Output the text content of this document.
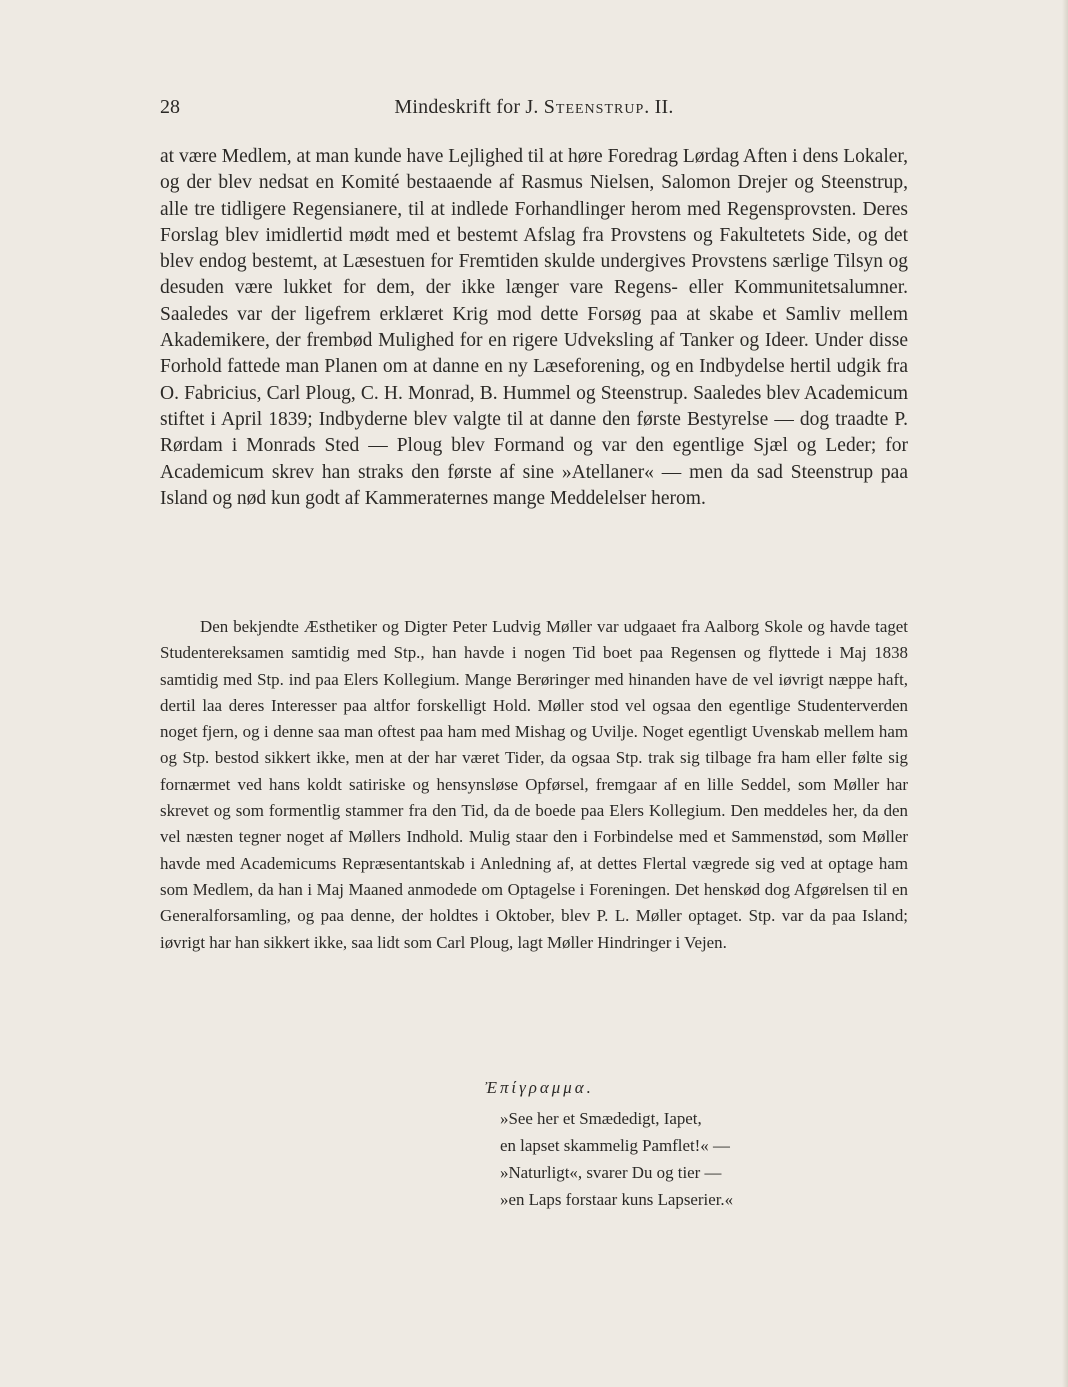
28	Mindeskrift for J. Steenstrup. II.

at være Medlem, at man kunde have Lejlighed til at høre Foredrag Lørdag Aften i dens Lokaler, og der blev nedsat en Komité bestaaende af Rasmus Nielsen, Salomon Drejer og Steenstrup, alle tre tidligere Regensianere, til at indlede Forhandlinger herom med Regensprovsten. Deres Forslag blev imidlertid mødt med et bestemt Afslag fra Provstens og Fakultetets Side, og det blev endog bestemt, at Læsestuen for Fremtiden skulde undergives Provstens særlige Tilsyn og desuden være lukket for dem, der ikke længer vare Regens- eller Kommunitetsalumner. Saaledes var der ligefrem erklæret Krig mod dette Forsøg paa at skabe et Samliv mellem Akademikere, der frembød Mulighed for en rigere Udveksling af Tanker og Ideer. Under disse Forhold fattede man Planen om at danne en ny Læseforening, og en Indbydelse hertil udgik fra O. Fabricius, Carl Ploug, C. H. Monrad, B. Hummel og Steenstrup. Saaledes blev Academicum stiftet i April 1839; Indbyderne blev valgte til at danne den første Bestyrelse — dog traadte P. Rørdam i Monrads Sted — Ploug blev Formand og var den egentlige Sjæl og Leder; for Academicum skrev han straks den første af sine »Atellaner« — men da sad Steenstrup paa Island og nød kun godt af Kammeraternes mange Meddelelser herom.

Den bekjendte Æsthetiker og Digter Peter Ludvig Møller var udgaaet fra Aalborg Skole og havde taget Studentereksamen samtidig med Stp., han havde i nogen Tid boet paa Regensen og flyttede i Maj 1838 samtidig med Stp. ind paa Elers Kollegium. Mange Berøringer med hinanden have de vel iøvrigt næppe haft, dertil laa deres Interesser paa altfor forskelligt Hold. Møller stod vel ogsaa den egentlige Studenterverden noget fjern, og i denne saa man oftest paa ham med Mishag og Uvilje. Noget egentligt Uvenskab mellem ham og Stp. bestod sikkert ikke, men at der har været Tider, da ogsaa Stp. trak sig tilbage fra ham eller følte sig fornærmet ved hans koldt satiriske og hensynsløse Opførsel, fremgaar af en lille Seddel, som Møller har skrevet og som formentlig stammer fra den Tid, da de boede paa Elers Kollegium. Den meddeles her, da den vel næsten tegner noget af Møllers Indhold. Mulig staar den i Forbindelse med et Sammenstød, som Møller havde med Academicums Repræsentantskab i Anledning af, at dettes Flertal vægrede sig ved at optage ham som Medlem, da han i Maj Maaned anmodede om Optagelse i Foreningen. Det henskød dog Afgørelsen til en Generalforsamling, og paa denne, der holdtes i Oktober, blev P. L. Møller optaget. Stp. var da paa Island; iøvrigt har han sikkert ikke, saa lidt som Carl Ploug, lagt Møller Hindringer i Vejen.

Ἐπίγραμμα.

»See her et Smædedigt, Iapet,

en lapset skammelig Pamflet!« —

»Naturligt«, svarer Du og tier —

»en Laps forstaar kuns Lapserier.«
